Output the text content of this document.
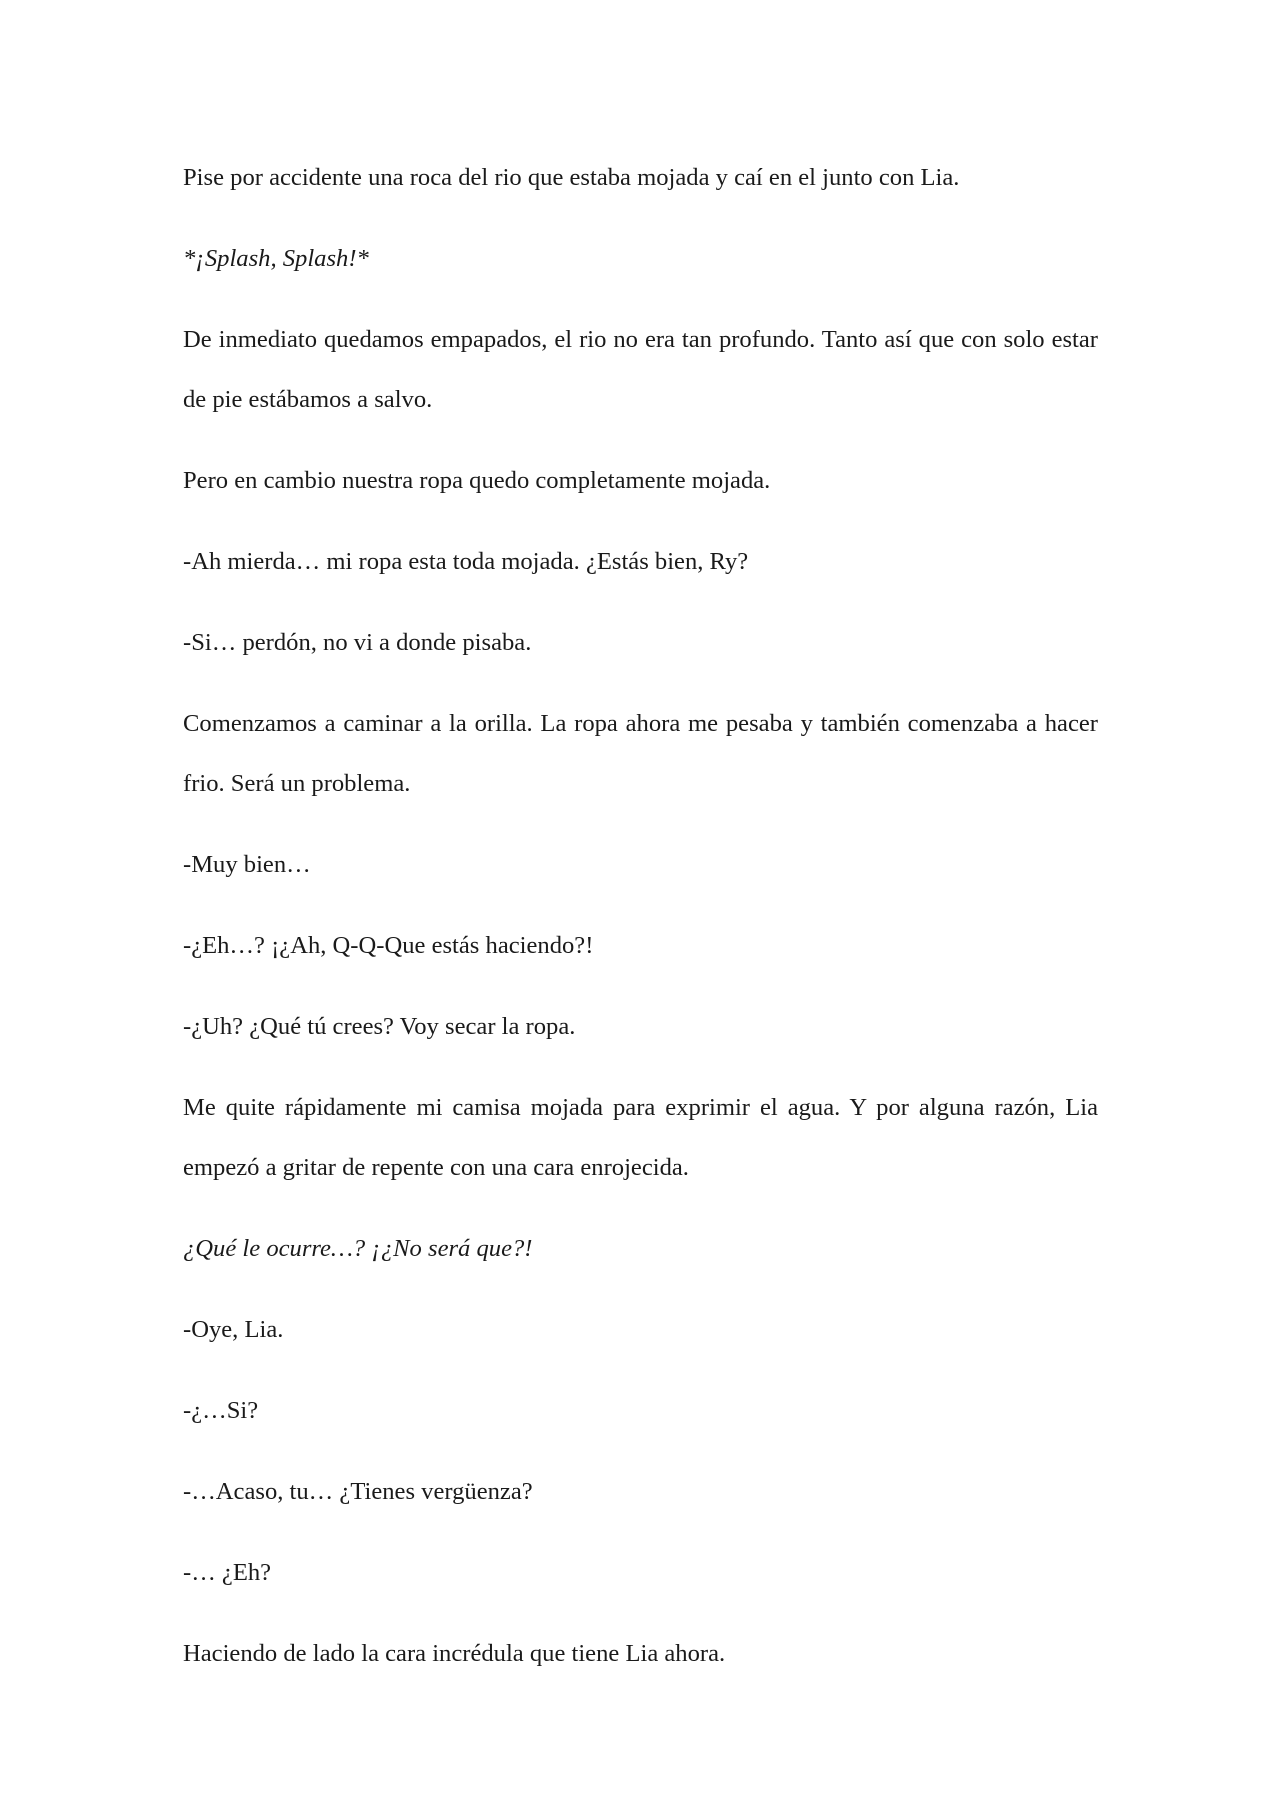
Pise por accidente una roca del rio que estaba mojada y caí en el junto con Lia.

*¡Splash, Splash!*

De inmediato quedamos empapados, el rio no era tan profundo. Tanto así que con solo estar de pie estábamos a salvo.

Pero en cambio nuestra ropa quedo completamente mojada.

-Ah mierda… mi ropa esta toda mojada. ¿Estás bien, Ry?

-Si… perdón, no vi a donde pisaba.

Comenzamos a caminar a la orilla. La ropa ahora me pesaba y también comenzaba a hacer frio. Será un problema.

-Muy bien…

-¿Eh…? ¡¿Ah, Q-Q-Que estás haciendo?!

-¿Uh? ¿Qué tú crees? Voy secar la ropa.

Me quite rápidamente mi camisa mojada para exprimir el agua. Y por alguna razón, Lia empezó a gritar de repente con una cara enrojecida.

¿Qué le ocurre…? ¡¿No será que?!

-Oye, Lia.

-¿…Si?

-…Acaso, tu… ¿Tienes vergüenza?

-… ¿Eh?

Haciendo de lado la cara incrédula que tiene Lia ahora.
